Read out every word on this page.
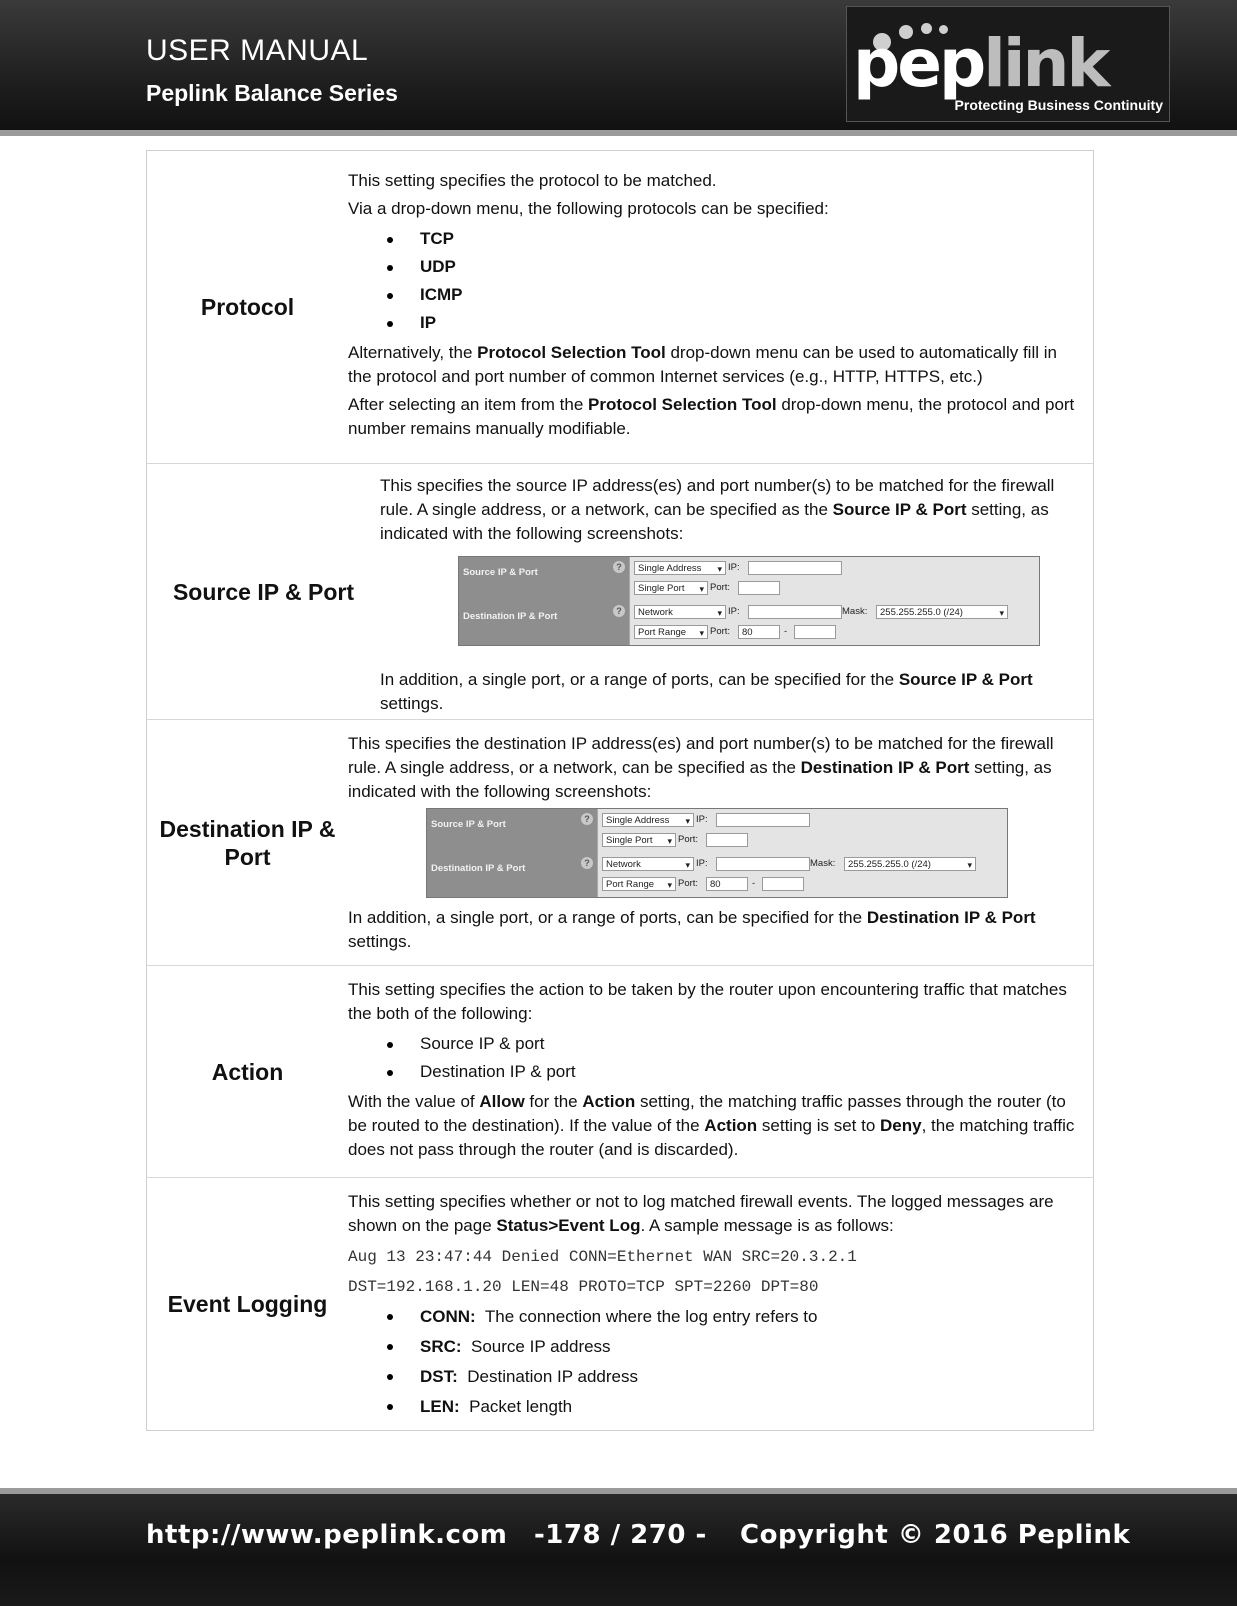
USER MANUAL
Peplink Balance Series	peplink
Protecting Business Continuity
Protocol

This setting specifies the protocol to be matched.

Via a drop-down menu, the following protocols can be specified:

TCP
UDP
ICMP
IP

Alternatively, the Protocol Selection Tool drop-down menu can be used to automatically fill in the protocol and port number of common Internet services (e.g., HTTP, HTTPS, etc.)

After selecting an item from the Protocol Selection Tool drop-down menu, the protocol and port number remains manually modifiable.

Source IP & Port

This specifies the source IP address(es) and port number(s) to be matched for the firewall rule. A single address, or a network, can be specified as the Source IP & Port setting, as indicated with the following screenshots:

Source IP & Port	?	Single Address ▾	IP:
Single Port ▾	Port:
Destination IP & Port	?	Network ▾	IP:	Mask:	255.255.255.0 (/24) ▾
Port Range ▾	Port:	80	-

In addition, a single port, or a range of ports, can be specified for the Source IP & Port settings.

Destination IP & Port

This specifies the destination IP address(es) and port number(s) to be matched for the firewall rule. A single address, or a network, can be specified as the Destination IP & Port setting, as indicated with the following screenshots:

Source IP & Port	?	Single Address ▾	IP:
Single Port ▾	Port:
Destination IP & Port	?	Network ▾	IP:	Mask:	255.255.255.0 (/24) ▾
Port Range ▾	Port:	80	-

In addition, a single port, or a range of ports, can be specified for the Destination IP & Port settings.

Action

This setting specifies the action to be taken by the router upon encountering traffic that matches the both of the following:

Source IP & port
Destination IP & port

With the value of Allow for the Action setting, the matching traffic passes through the router (to be routed to the destination). If the value of the Action setting is set to Deny, the matching traffic does not pass through the router (and is discarded).

Event Logging

This setting specifies whether or not to log matched firewall events. The logged messages are shown on the page Status>Event Log. A sample message is as follows:

Aug 13 23:47:44 Denied CONN=Ethernet WAN SRC=20.3.2.1
DST=192.168.1.20 LEN=48 PROTO=TCP SPT=2260 DPT=80
CONN: The connection where the log entry refers to
SRC: Source IP address
DST: Destination IP address
LEN: Packet length
http://www.peplink.com -178 / 270 - Copyright © 2016 Peplink
